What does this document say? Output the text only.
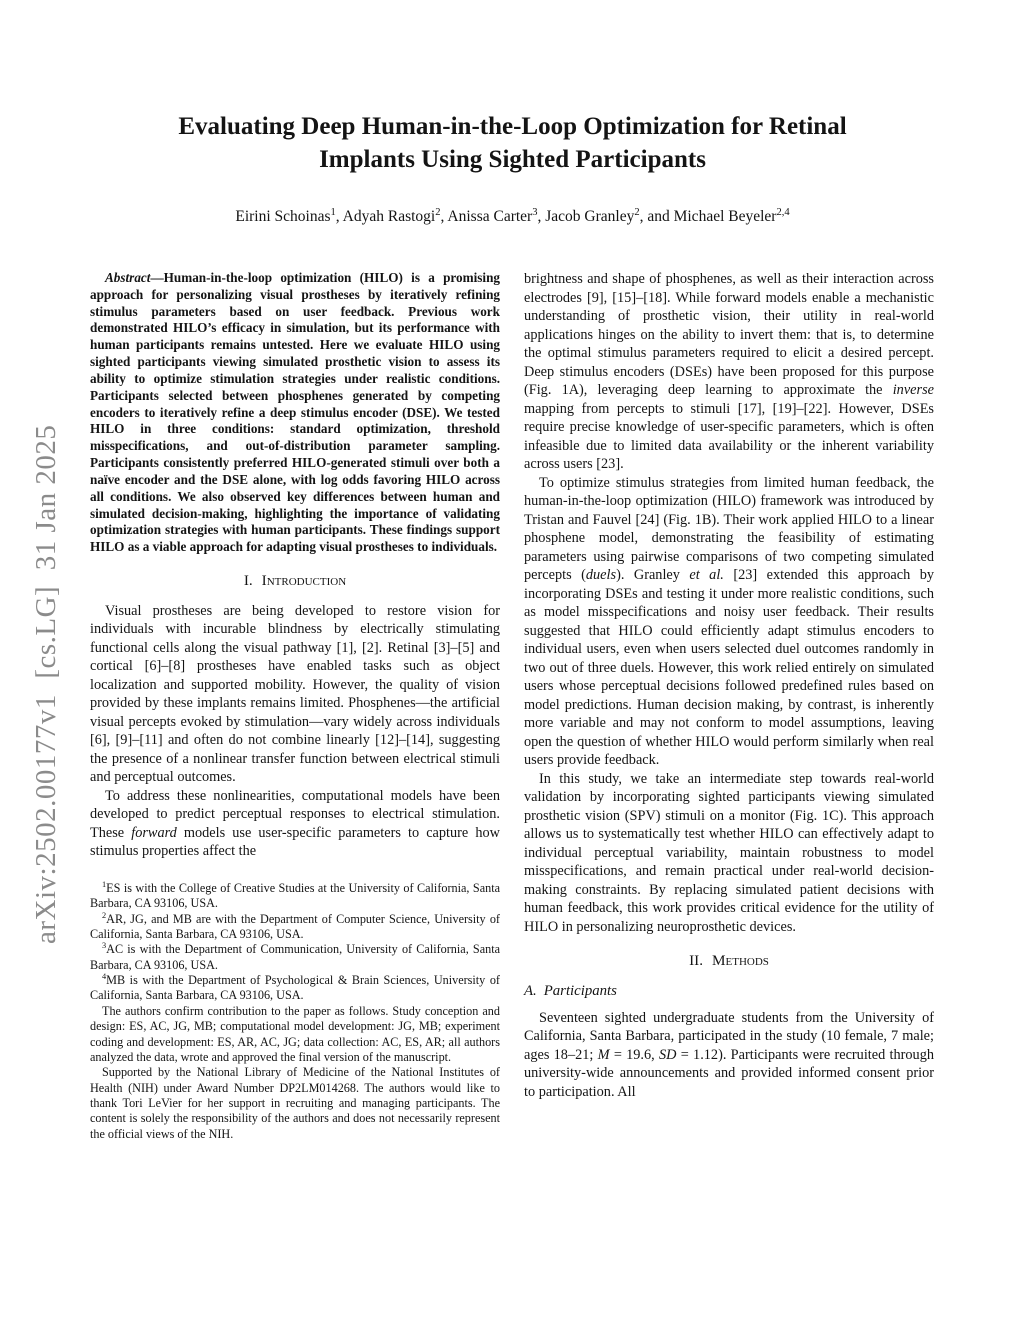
arXiv:2502.00177v1  [cs.LG]  31 Jan 2025
Evaluating Deep Human-in-the-Loop Optimization for Retinal Implants Using Sighted Participants
Eirini Schoinas$^1$, Adyah Rastogi$^2$, Anissa Carter$^3$, Jacob Granley$^2$, and Michael Beyeler$^{2,4}$

Abstract—Human-in-the-loop optimization (HILO) is a promising approach for personalizing visual prostheses by iteratively refining stimulus parameters based on user feedback. Previous work demonstrated HILO’s efficacy in simulation, but its performance with human participants remains untested. Here we evaluate HILO using sighted participants viewing simulated prosthetic vision to assess its ability to optimize stimulation strategies under realistic conditions. Participants selected between phosphenes generated by competing encoders to iteratively refine a deep stimulus encoder (DSE). We tested HILO in three conditions: standard optimization, threshold misspecifications, and out-of-distribution parameter sampling. Participants consistently preferred HILO-generated stimuli over both a naïve encoder and the DSE alone, with log odds favoring HILO across all conditions. We also observed key differences between human and simulated decision-making, highlighting the importance of validating optimization strategies with human participants. These findings support HILO as a viable approach for adapting visual prostheses to individuals.

I. Introduction

Visual prostheses are being developed to restore vision for individuals with incurable blindness by electrically stimulating functional cells along the visual pathway [1], [2]. Retinal [3]–[5] and cortical [6]–[8] prostheses have enabled tasks such as object localization and supported mobility. However, the quality of vision provided by these implants remains limited. Phosphenes—the artificial visual percepts evoked by stimulation—vary widely across individuals [6], [9]–[11] and often do not combine linearly [12]–[14], suggesting the presence of a nonlinear transfer function between electrical stimuli and perceptual outcomes.

To address these nonlinearities, computational models have been developed to predict perceptual responses to electrical stimulation. These forward models use user-specific parameters to capture how stimulus properties affect the

$^1$ES is with the College of Creative Studies at the University of California, Santa Barbara, CA 93106, USA.

$^2$AR, JG, and MB are with the Department of Computer Science, University of California, Santa Barbara, CA 93106, USA.

$^3$AC is with the Department of Communication, University of California, Santa Barbara, CA 93106, USA.

$^4$MB is with the Department of Psychological & Brain Sciences, University of California, Santa Barbara, CA 93106, USA.

The authors confirm contribution to the paper as follows. Study conception and design: ES, AC, JG, MB; computational model development: JG, MB; experiment coding and development: ES, AR, AC, JG; data collection: AC, ES, AR; all authors analyzed the data, wrote and approved the final version of the manuscript.

Supported by the National Library of Medicine of the National Institutes of Health (NIH) under Award Number DP2LM014268. The authors would like to thank Tori LeVier for her support in recruiting and managing participants. The content is solely the responsibility of the authors and does not necessarily represent the official views of the NIH.

brightness and shape of phosphenes, as well as their interaction across electrodes [9], [15]–[18]. While forward models enable a mechanistic understanding of prosthetic vision, their utility in real-world applications hinges on the ability to invert them: that is, to determine the optimal stimulus parameters required to elicit a desired percept. Deep stimulus encoders (DSEs) have been proposed for this purpose (Fig. 1A), leveraging deep learning to approximate the inverse mapping from percepts to stimuli [17], [19]–[22]. However, DSEs require precise knowledge of user-specific parameters, which is often infeasible due to limited data availability or the inherent variability across users [23].

To optimize stimulus strategies from limited human feedback, the human-in-the-loop optimization (HILO) framework was introduced by Tristan and Fauvel [24] (Fig. 1B). Their work applied HILO to a linear phosphene model, demonstrating the feasibility of estimating parameters using pairwise comparisons of two competing simulated percepts (duels). Granley et al. [23] extended this approach by incorporating DSEs and testing it under more realistic conditions, such as model misspecifications and noisy user feedback. Their results suggested that HILO could efficiently adapt stimulus encoders to individual users, even when users selected duel outcomes randomly in two out of three duels. However, this work relied entirely on simulated users whose perceptual decisions followed predefined rules based on model predictions. Human decision making, by contrast, is inherently more variable and may not conform to model assumptions, leaving open the question of whether HILO would perform similarly when real users provide feedback.

In this study, we take an intermediate step towards real-world validation by incorporating sighted participants viewing simulated prosthetic vision (SPV) stimuli on a monitor (Fig. 1C). This approach allows us to systematically test whether HILO can effectively adapt to individual perceptual variability, maintain robustness to model misspecifications, and remain practical under real-world decision-making constraints. By replacing simulated patient decisions with human feedback, this work provides critical evidence for the utility of HILO in personalizing neuroprosthetic devices.

II. Methods
A. Participants

Seventeen sighted undergraduate students from the University of California, Santa Barbara, participated in the study (10 female, 7 male; ages 18–21; M = 19.6, SD = 1.12). Participants were recruited through university-wide announcements and provided informed consent prior to participation. All
